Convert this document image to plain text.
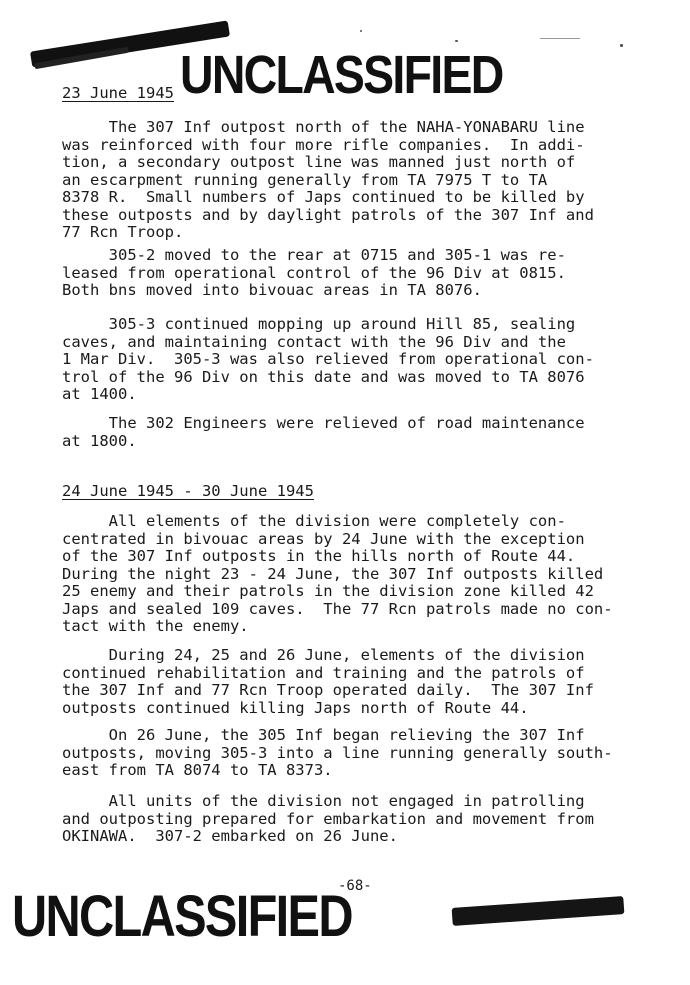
UNCLASSIFIED
23 June 1945
The 307 Inf outpost north of the NAHA-YONABARU line
was reinforced with four more rifle companies.  In addi-
tion, a secondary outpost line was manned just north of
an escarpment running generally from TA 7975 T to TA
8378 R.  Small numbers of Japs continued to be killed by
these outposts and by daylight patrols of the 307 Inf and
77 Rcn Troop.
305-2 moved to the rear at 0715 and 305-1 was re-
leased from operational control of the 96 Div at 0815.
Both bns moved into bivouac areas in TA 8076.
305-3 continued mopping up around Hill 85, sealing
caves, and maintaining contact with the 96 Div and the
1 Mar Div.  305-3 was also relieved from operational con-
trol of the 96 Div on this date and was moved to TA 8076
at 1400.
The 302 Engineers were relieved of road maintenance
at 1800.
24 June 1945 - 30 June 1945
All elements of the division were completely con-
centrated in bivouac areas by 24 June with the exception
of the 307 Inf outposts in the hills north of Route 44.
During the night 23 - 24 June, the 307 Inf outposts killed
25 enemy and their patrols in the division zone killed 42
Japs and sealed 109 caves.  The 77 Rcn patrols made no con-
tact with the enemy.
During 24, 25 and 26 June, elements of the division
continued rehabilitation and training and the patrols of
the 307 Inf and 77 Rcn Troop operated daily.  The 307 Inf
outposts continued killing Japs north of Route 44.
On 26 June, the 305 Inf began relieving the 307 Inf
outposts, moving 305-3 into a line running generally south-
east from TA 8074 to TA 8373.
All units of the division not engaged in patrolling
and outposting prepared for embarkation and movement from
OKINAWA.  307-2 embarked on 26 June.
-68-
UNCLASSIFIED
